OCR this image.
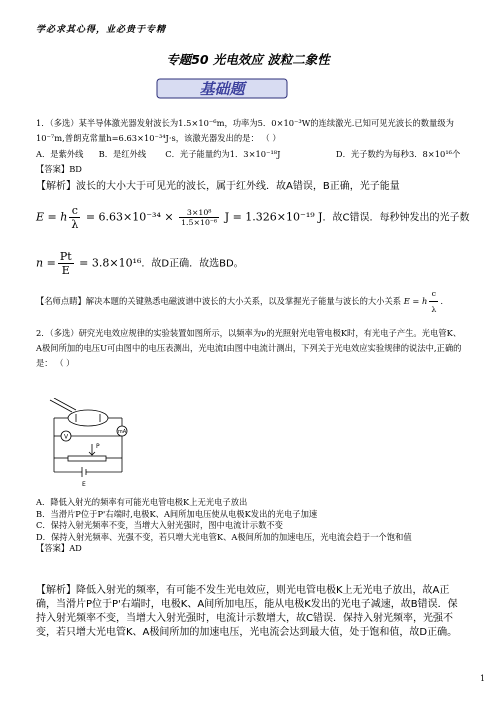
学必求其心得，业必贵于专精
专题50 光电效应 波粒二象性
基础题
1．（多选）某半导体激光器发射波长为1.5×10⁻⁶m，功率为5．0×10⁻³W的连续激光.已知可见光波长的数量级为
10⁻⁷m,普朗克常量h=6.63×10⁻³⁴J·s，该激光器发出的是： （ ）
A．是紫外线 B．是红外线 C．光子能量约为1．3×10⁻¹⁸J	D．光子数约为每秒3．8×10¹⁶个
【答案】BD
【解析】波长的大小大于可见光的波长，属于红外线．故A错误，B正确，光子能量
E = h $\frac{c}{\lambda} = 6.63\times 10^{-34} \times \frac{\text{3×10⁸}}{\text{1.5×10⁻⁶}}$ J = 1.326×10⁻¹⁹ J．故C错误．每秒钟发出的光子数
$n = \frac{Pt}{E} = 3.8\times 10^{16}$．故D正确．故选BD。
【名师点睛】解决本题的关键熟悉电磁波谱中波长的大小关系，以及掌握光子能量与波长的大小关系 E = h $\frac{c}{\lambda}$ .
2．（多选）研究光电效应规律的实验装置如图所示，以频率为ν的光照射光电管电极K时，有光电子产生。光电管K、A极间所加的电压U可由图中的电压表测出，光电流I由图中电流计测出，下列关于光电效应实验规律的说法中,正确的是： （ ）
V
mA
P
E
A．降低入射光的频率有可能光电管电极K上无光电子放出
B．当滑片P位于P'右端时,电极K、A间所加电压使从电极K发出的光电子加速
C．保持入射光频率不变，当增大入射光强时，图中电流计示数不变
D．保持入射光频率、光强不变，若只增大光电管K、A极间所加的加速电压，光电流会趋于一个饱和值
【答案】AD
【解析】降低入射光的频率，有可能不发生光电效应，则光电管电极K上无光电子放出，故A正确，当滑片P位于P'右端时，电极K、A间所加电压，能从电极K发出的光电子减速，故B错误．保持入射光频率不变，当增大入射光强时，电流计示数增大，故C错误．保持入射光频率，光强不变，若只增大光电管K、A极间所加的加速电压，光电流会达到最大值，处于饱和值，故D正确。
1
